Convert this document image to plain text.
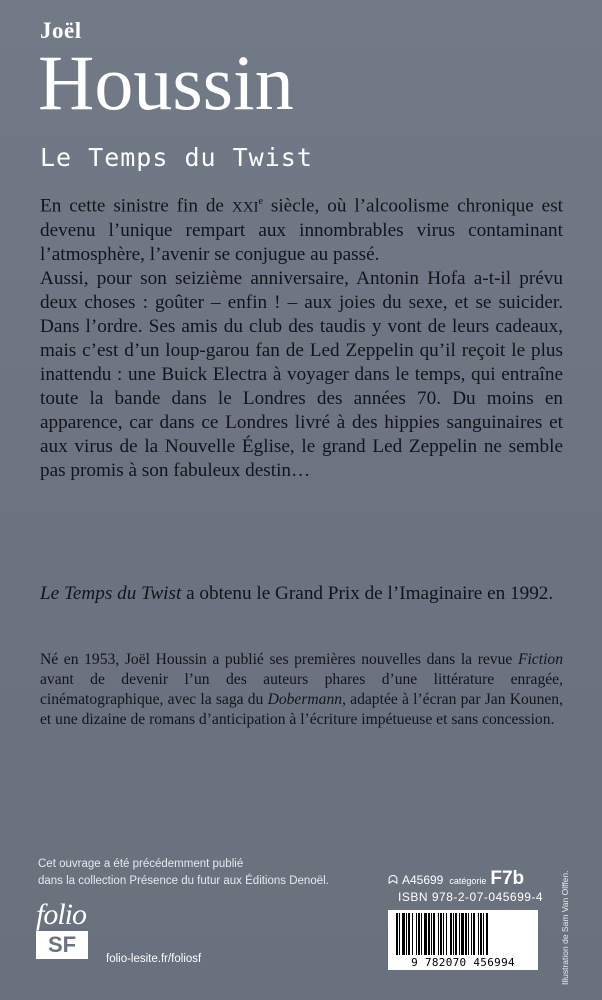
Joël
Houssin
Le Temps du Twist

En cette sinistre fin de XXIe siècle, où l’alcoolisme chronique est devenu l’unique rempart aux innombrables virus contaminant l’atmosphère, l’avenir se conjugue au passé.

Aussi, pour son seizième anniversaire, Antonin Hofa a-t-il prévu deux choses : goûter – enfin ! – aux joies du sexe, et se suicider. Dans l’ordre. Ses amis du club des taudis y vont de leurs cadeaux, mais c’est d’un loup-garou fan de Led Zeppelin qu’il reçoit le plus inattendu : une Buick Electra à voyager dans le temps, qui entraîne toute la bande dans le Londres des années 70. Du moins en apparence, car dans ce Londres livré à des hippies sanguinaires et aux virus de la Nouvelle Église, le grand Led Zeppelin ne semble pas promis à son fabuleux destin…

Le Temps du Twist a obtenu le Grand Prix de l’Imaginaire en 1992.
Né en 1953, Joël Houssin a publié ses premières nouvelles dans la revue Fiction avant de devenir l’un des auteurs phares d’une littérature enragée, cinématographique, avec la saga du Dobermann, adaptée à l’écran par Jan Kounen, et une dizaine de romans d’anticipation à l’écriture impétueuse et sans concession.
Cet ouvrage a été précédemment publié
dans la collection Présence du futur aux Éditions Denoël.
folio
SF
folio-lesite.fr/foliosf
ᗣ A45699 catégorie F7b
ISBN 978-2-07-045699-4
9 782070 456994	Illustration de Sam Van Olffen.
